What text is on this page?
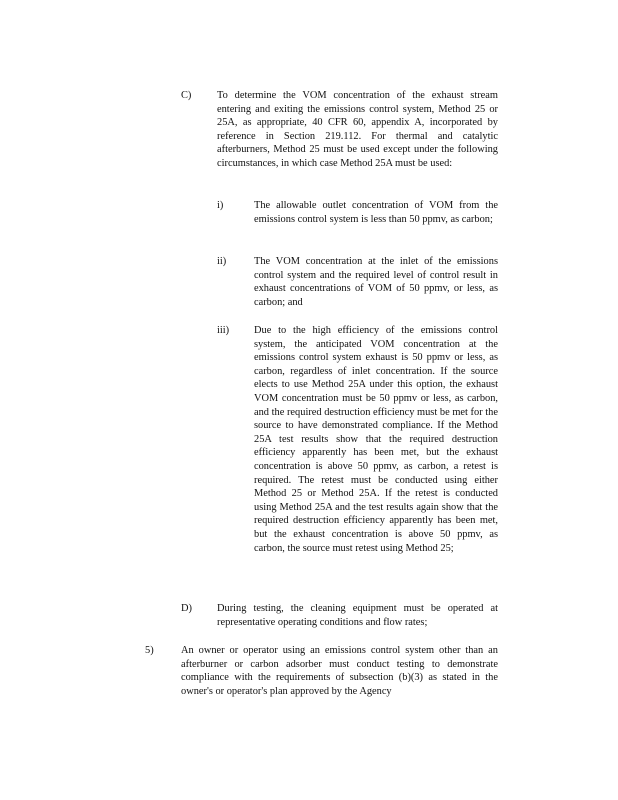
C) To determine the VOM concentration of the exhaust stream entering and exiting the emissions control system, Method 25 or 25A, as appropriate, 40 CFR 60, appendix A, incorporated by reference in Section 219.112. For thermal and catalytic afterburners, Method 25 must be used except under the following circumstances, in which case Method 25A must be used:
i)	The allowable outlet concentration of VOM from the emissions control system is less than 50 ppmv, as carbon;
ii)	The VOM concentration at the inlet of the emissions control system and the required level of control result in exhaust concentrations of VOM of 50 ppmv, or less, as carbon; and
iii) Due to the high efficiency of the emissions control system, the anticipated VOM concentration at the emissions control system exhaust is 50 ppmv or less, as carbon, regardless of inlet concentration. If the source elects to use Method 25A under this option, the exhaust VOM concentration must be 50 ppmv or less, as carbon, and the required destruction efficiency must be met for the source to have demonstrated compliance. If the Method 25A test results show that the required destruction efficiency apparently has been met, but the exhaust concentration is above 50 ppmv, as carbon, a retest is required. The retest must be conducted using either Method 25 or Method 25A. If the retest is conducted using Method 25A and the test results again show that the required destruction efficiency apparently has been met, but the exhaust concentration is above 50 ppmv, as carbon, the source must retest using Method 25;
D) During testing, the cleaning equipment must be operated at representative operating conditions and flow rates;
5)	An owner or operator using an emissions control system other than an afterburner or carbon adsorber must conduct testing to demonstrate compliance with the requirements of subsection (b)(3) as stated in the owner's or operator's plan approved by the Agency
